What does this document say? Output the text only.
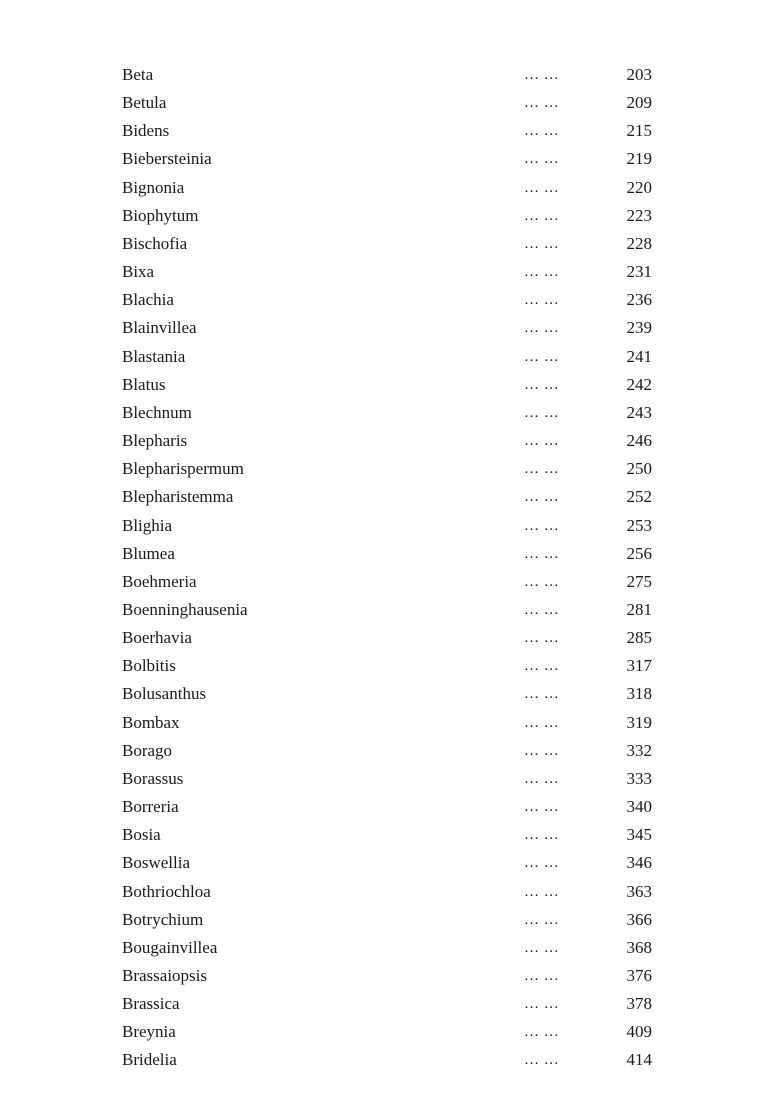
Beta	… …	203
Betula	… …	209
Bidens	… …	215
Biebersteinia	… …	219
Bignonia	… …	220
Biophytum	… …	223
Bischofia	… …	228
Bixa	… …	231
Blachia	… …	236
Blainvillea	… …	239
Blastania	… …	241
Blatus	… …	242
Blechnum	… …	243
Blepharis	… …	246
Blepharispermum	… …	250
Blepharistemma	… …	252
Blighia	… …	253
Blumea	… …	256
Boehmeria	… …	275
Boenninghausenia	… …	281
Boerhavia	… …	285
Bolbitis	… …	317
Bolusanthus	… …	318
Bombax	… …	319
Borago	… …	332
Borassus	… …	333
Borreria	… …	340
Bosia	… …	345
Boswellia	… …	346
Bothriochloa	… …	363
Botrychium	… …	366
Bougainvillea	… …	368
Brassaiopsis	… …	376
Brassica	… …	378
Breynia	… …	409
Bridelia	… …	414
